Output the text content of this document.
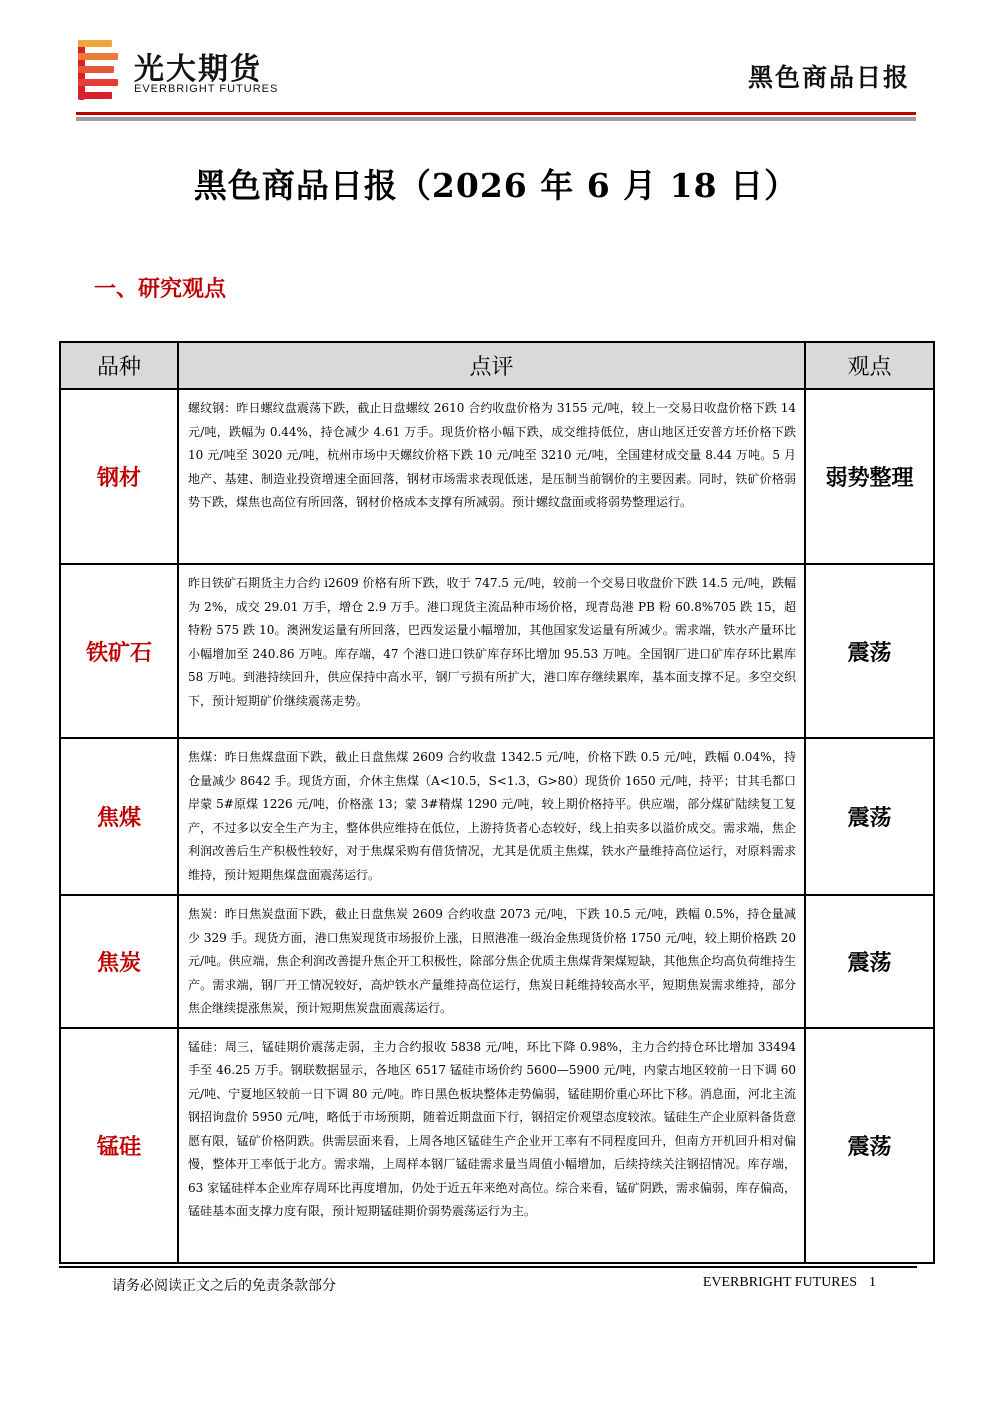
光大期货
EVERBRIGHT FUTURES	黑色商品日报
黑色商品日报（2026 年 6 月 18 日）
一、研究观点
品种	点评	观点
钢材	螺纹钢：昨日螺纹盘震荡下跌，截止日盘螺纹 2610 合约收盘价格为 3155 元/吨，较上一交易日收盘价格下跌 14 元/吨，跌幅为 0.44%，持仓减少 4.61 万手。现货价格小幅下跌，成交维持低位，唐山地区迁安普方坯价格下跌 10 元/吨至 3020 元/吨，杭州市场中天螺纹价格下跌 10 元/吨至 3210 元/吨，全国建材成交量 8.44 万吨。5 月地产、基建、制造业投资增速全面回落，钢材市场需求表现低迷，是压制当前钢价的主要因素。同时，铁矿价格弱势下跌，煤焦也高位有所回落，钢材价格成本支撑有所减弱。预计螺纹盘面或将弱势整理运行。	弱势整理
铁矿石	昨日铁矿石期货主力合约 i2609 价格有所下跌，收于 747.5 元/吨，较前一个交易日收盘价下跌 14.5 元/吨，跌幅为 2%，成交 29.01 万手，增仓 2.9 万手。港口现货主流品种市场价格，现青岛港 PB 粉 60.8%705 跌 15，超特粉 575 跌 10。澳洲发运量有所回落，巴西发运量小幅增加，其他国家发运量有所减少。需求端，铁水产量环比小幅增加至 240.86 万吨。库存端，47 个港口进口铁矿库存环比增加 95.53 万吨。全国钢厂进口矿库存环比累库 58 万吨。到港持续回升，供应保持中高水平，钢厂亏损有所扩大，港口库存继续累库，基本面支撑不足。多空交织下，预计短期矿价继续震荡走势。	震荡
焦煤	焦煤：昨日焦煤盘面下跌，截止日盘焦煤 2609 合约收盘 1342.5 元/吨，价格下跌 0.5 元/吨，跌幅 0.04%，持仓量减少 8642 手。现货方面，介休主焦煤（A<10.5，S<1.3，G>80）现货价 1650 元/吨，持平；甘其毛都口岸蒙 5#原煤 1226 元/吨，价格涨 13；蒙 3#精煤 1290 元/吨，较上期价格持平。供应端，部分煤矿陆续复工复产，不过多以安全生产为主，整体供应维持在低位，上游持货者心态较好，线上拍卖多以溢价成交。需求端，焦企利润改善后生产积极性较好，对于焦煤采购有借货情况，尤其是优质主焦煤，铁水产量维持高位运行，对原料需求维持，预计短期焦煤盘面震荡运行。	震荡
焦炭	焦炭：昨日焦炭盘面下跌，截止日盘焦炭 2609 合约收盘 2073 元/吨，下跌 10.5 元/吨，跌幅 0.5%，持仓量减少 329 手。现货方面，港口焦炭现货市场报价上涨，日照港准一级冶金焦现货价格 1750 元/吨，较上期价格跌 20 元/吨。供应端，焦企利润改善提升焦企开工积极性，除部分焦企优质主焦煤背架煤短缺，其他焦企均高负荷维持生产。需求端，钢厂开工情况较好，高炉铁水产量维持高位运行，焦炭日耗维持较高水平，短期焦炭需求维持，部分焦企继续提涨焦炭，预计短期焦炭盘面震荡运行。	震荡
锰硅	锰硅：周三，锰硅期价震荡走弱，主力合约报收 5838 元/吨，环比下降 0.98%，主力合约持仓环比增加 33494 手至 46.25 万手。钢联数据显示，各地区 6517 锰硅市场价约 5600—5900 元/吨，内蒙古地区较前一日下调 60 元/吨、宁夏地区较前一日下调 80 元/吨。昨日黑色板块整体走势偏弱，锰硅期价重心环比下移。消息面，河北主流钢招询盘价 5950 元/吨，略低于市场预期，随着近期盘面下行，钢招定价观望态度较浓。锰硅生产企业原料备货意愿有限，锰矿价格阴跌。供需层面来看，上周各地区锰硅生产企业开工率有不同程度回升，但南方开机回升相对偏慢，整体开工率低于北方。需求端，上周样本钢厂锰硅需求量当周值小幅增加，后续持续关注钢招情况。库存端，63 家锰硅样本企业库存周环比再度增加，仍处于近五年来绝对高位。综合来看，锰矿阴跌，需求偏弱，库存偏高，锰硅基本面支撑力度有限，预计短期锰硅期价弱势震荡运行为主。	震荡
请务必阅读正文之后的免责条款部分	EVERBRIGHT FUTURES 1
